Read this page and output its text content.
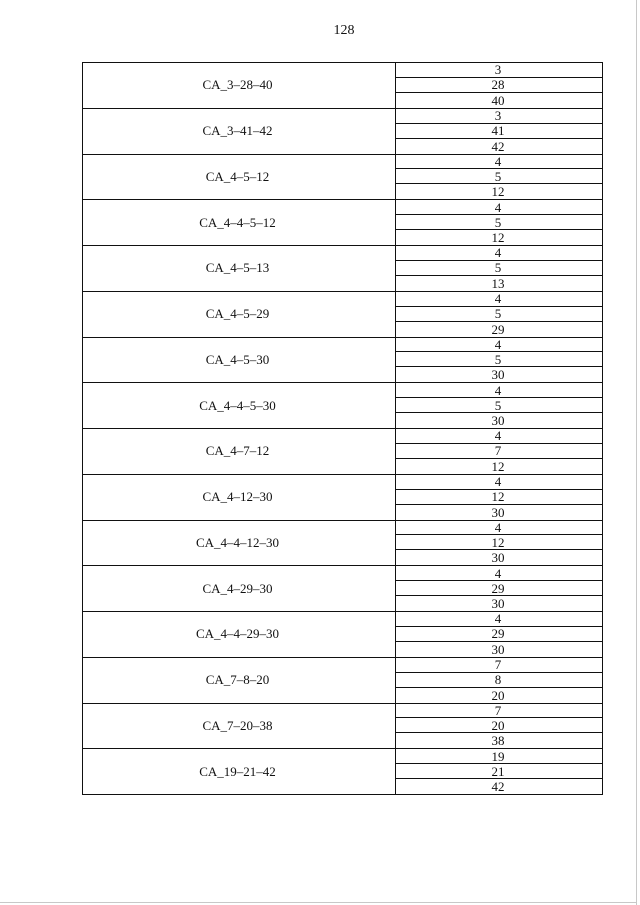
128
CA_3–28–40
3
28
40
CA_3–41–42
3
41
42
CA_4–5–12
4
5
12
CA_4–4–5–12
4
5
12
CA_4–5–13
4
5
13
CA_4–5–29
4
5
29
CA_4–5–30
4
5
30
CA_4–4–5–30
4
5
30
CA_4–7–12
4
7
12
CA_4–12–30
4
12
30
CA_4–4–12–30
4
12
30
CA_4–29–30
4
29
30
CA_4–4–29–30
4
29
30
CA_7–8–20
7
8
20
CA_7–20–38
7
20
38
CA_19–21–42
19
21
42
